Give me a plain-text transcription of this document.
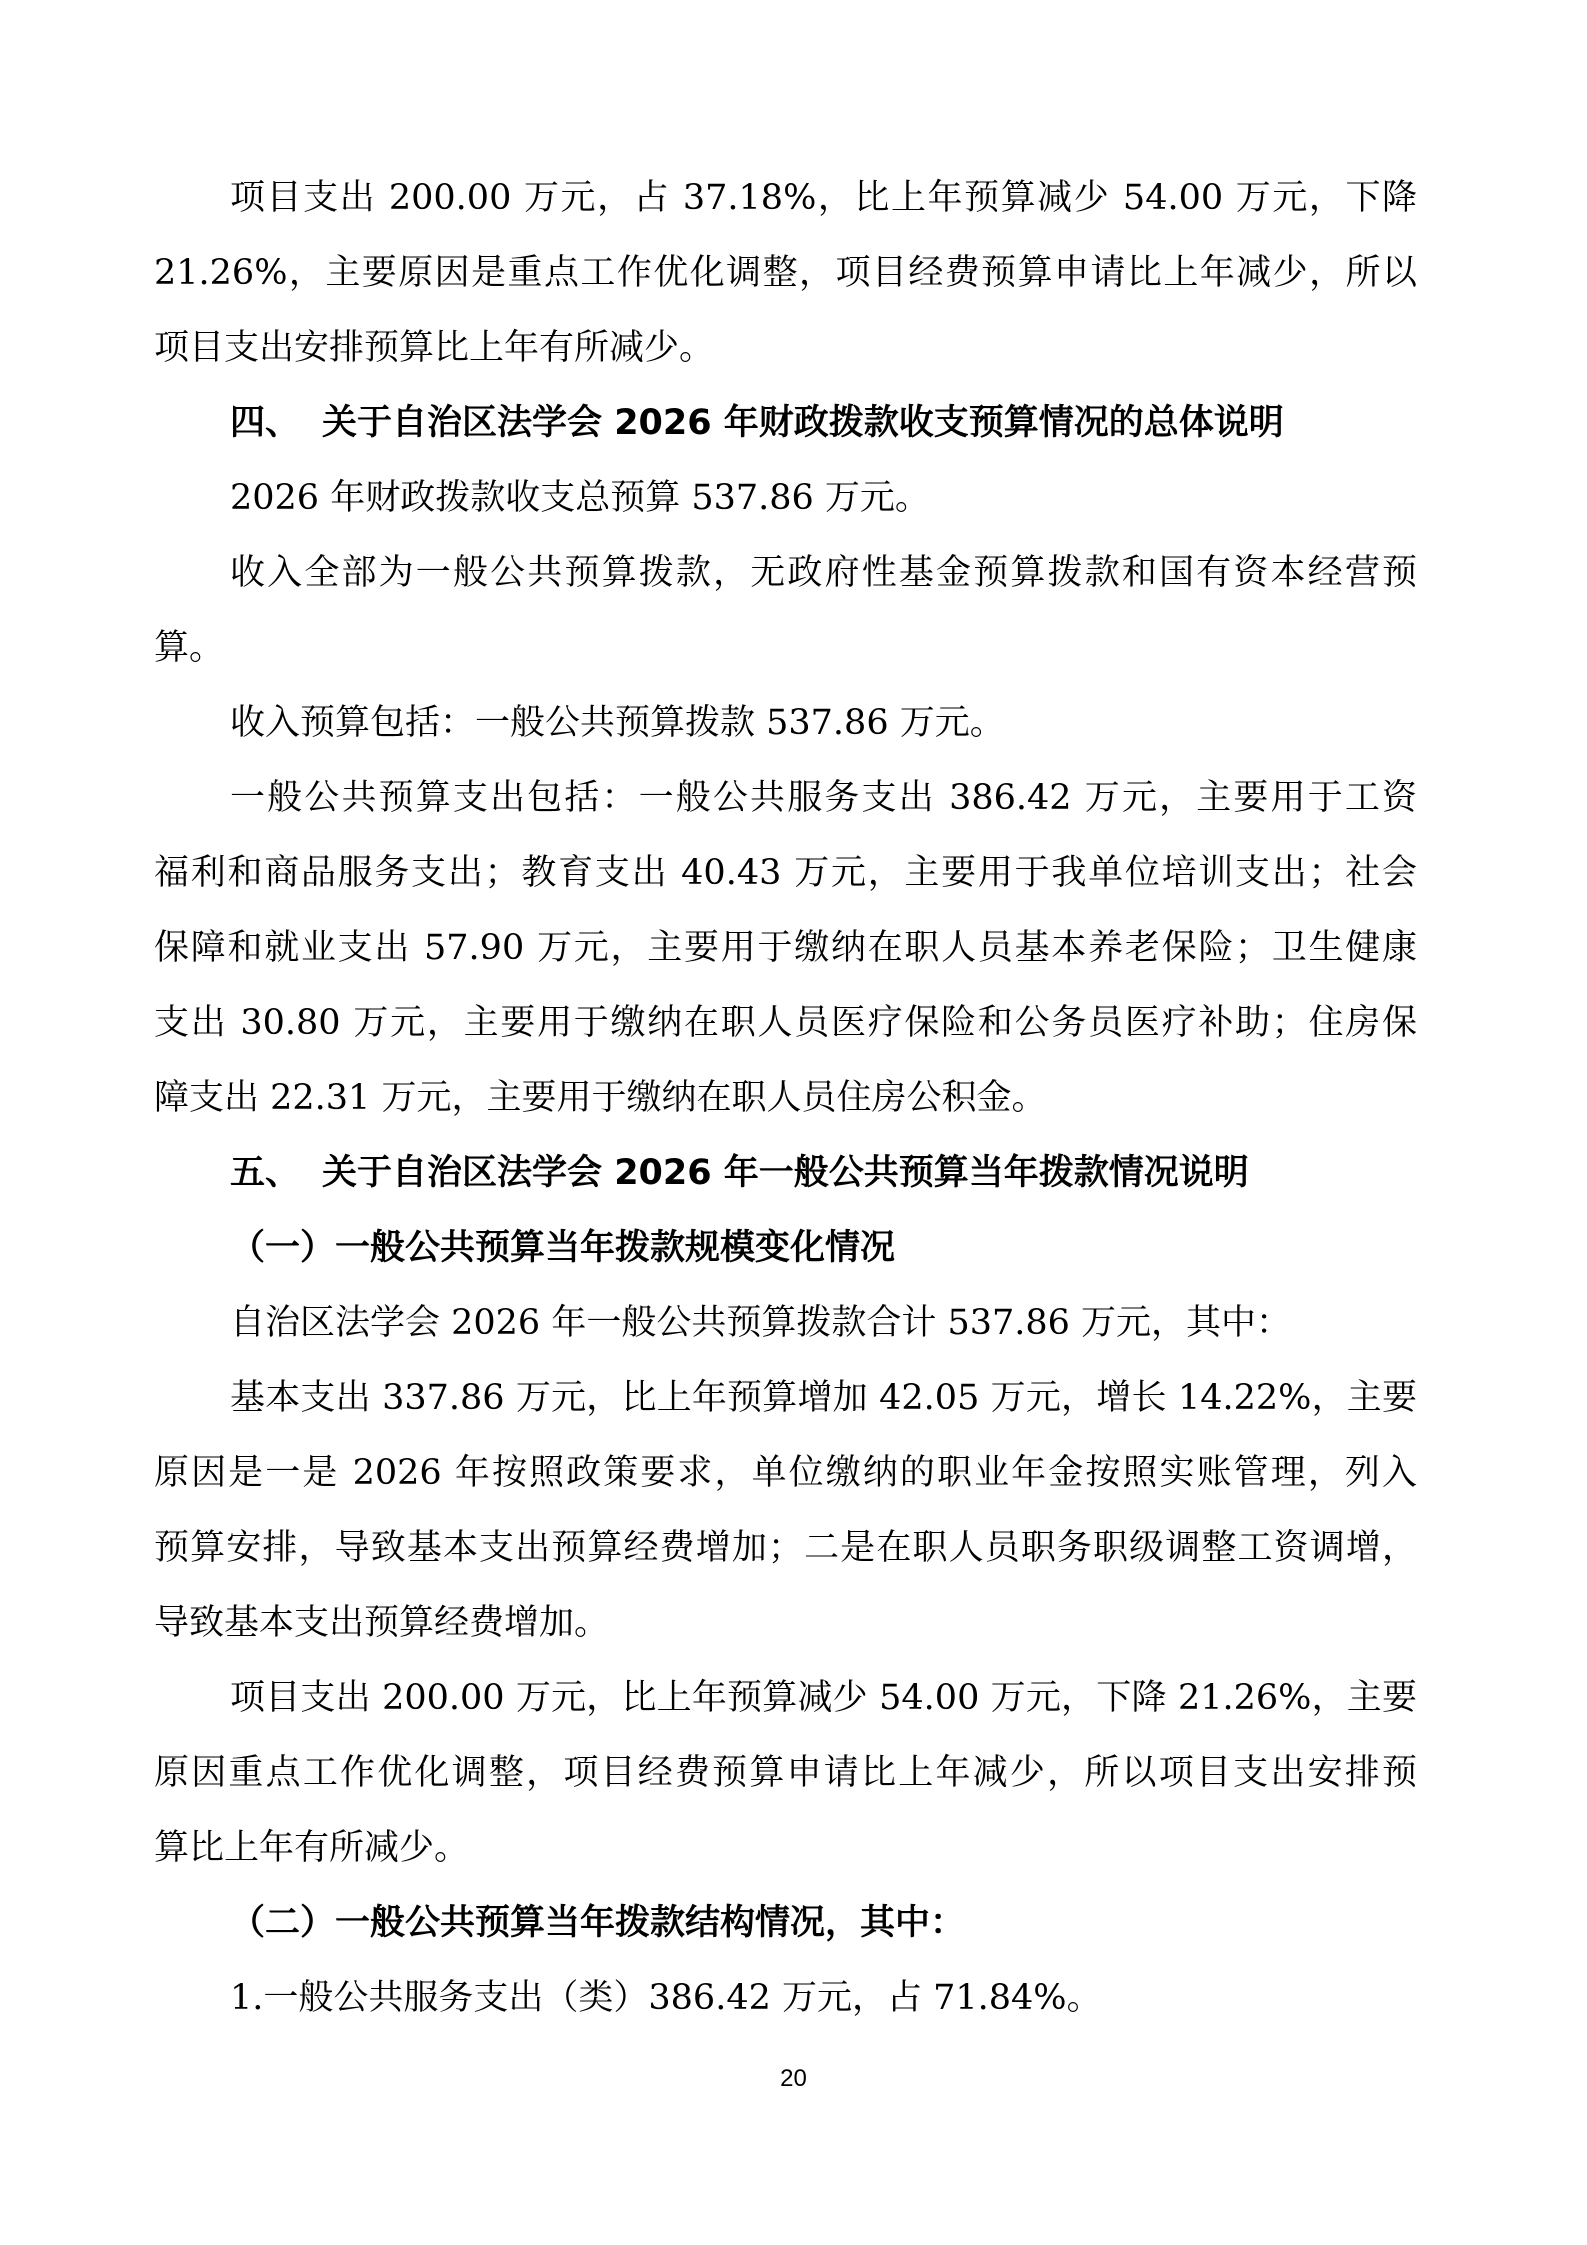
项目支出 200.00 万元，占 37.18%，比上年预算减少 54.00 万元，下降
21.26%，主要原因是重点工作优化调整，项目经费预算申请比上年减少，所以
项目支出安排预算比上年有所减少。
四、 关于自治区法学会 2026 年财政拨款收支预算情况的总体说明
2026 年财政拨款收支总预算 537.86 万元。
收入全部为一般公共预算拨款，无政府性基金预算拨款和国有资本经营预
算。
收入预算包括：一般公共预算拨款 537.86 万元。
一般公共预算支出包括：一般公共服务支出 386.42 万元，主要用于工资
福利和商品服务支出；教育支出 40.43 万元，主要用于我单位培训支出；社会
保障和就业支出 57.90 万元，主要用于缴纳在职人员基本养老保险；卫生健康
支出 30.80 万元，主要用于缴纳在职人员医疗保险和公务员医疗补助；住房保
障支出 22.31 万元，主要用于缴纳在职人员住房公积金。
五、 关于自治区法学会 2026 年一般公共预算当年拨款情况说明
（一）一般公共预算当年拨款规模变化情况
自治区法学会 2026 年一般公共预算拨款合计 537.86 万元，其中：
基本支出 337.86 万元，比上年预算增加 42.05 万元，增长 14.22%，主要
原因是一是 2026 年按照政策要求，单位缴纳的职业年金按照实账管理，列入
预算安排，导致基本支出预算经费增加；二是在职人员职务职级调整工资调增，
导致基本支出预算经费增加。
项目支出 200.00 万元，比上年预算减少 54.00 万元，下降 21.26%，主要
原因重点工作优化调整，项目经费预算申请比上年减少，所以项目支出安排预
算比上年有所减少。
（二）一般公共预算当年拨款结构情况，其中：
1.一般公共服务支出（类）386.42 万元，占 71.84%。
20
